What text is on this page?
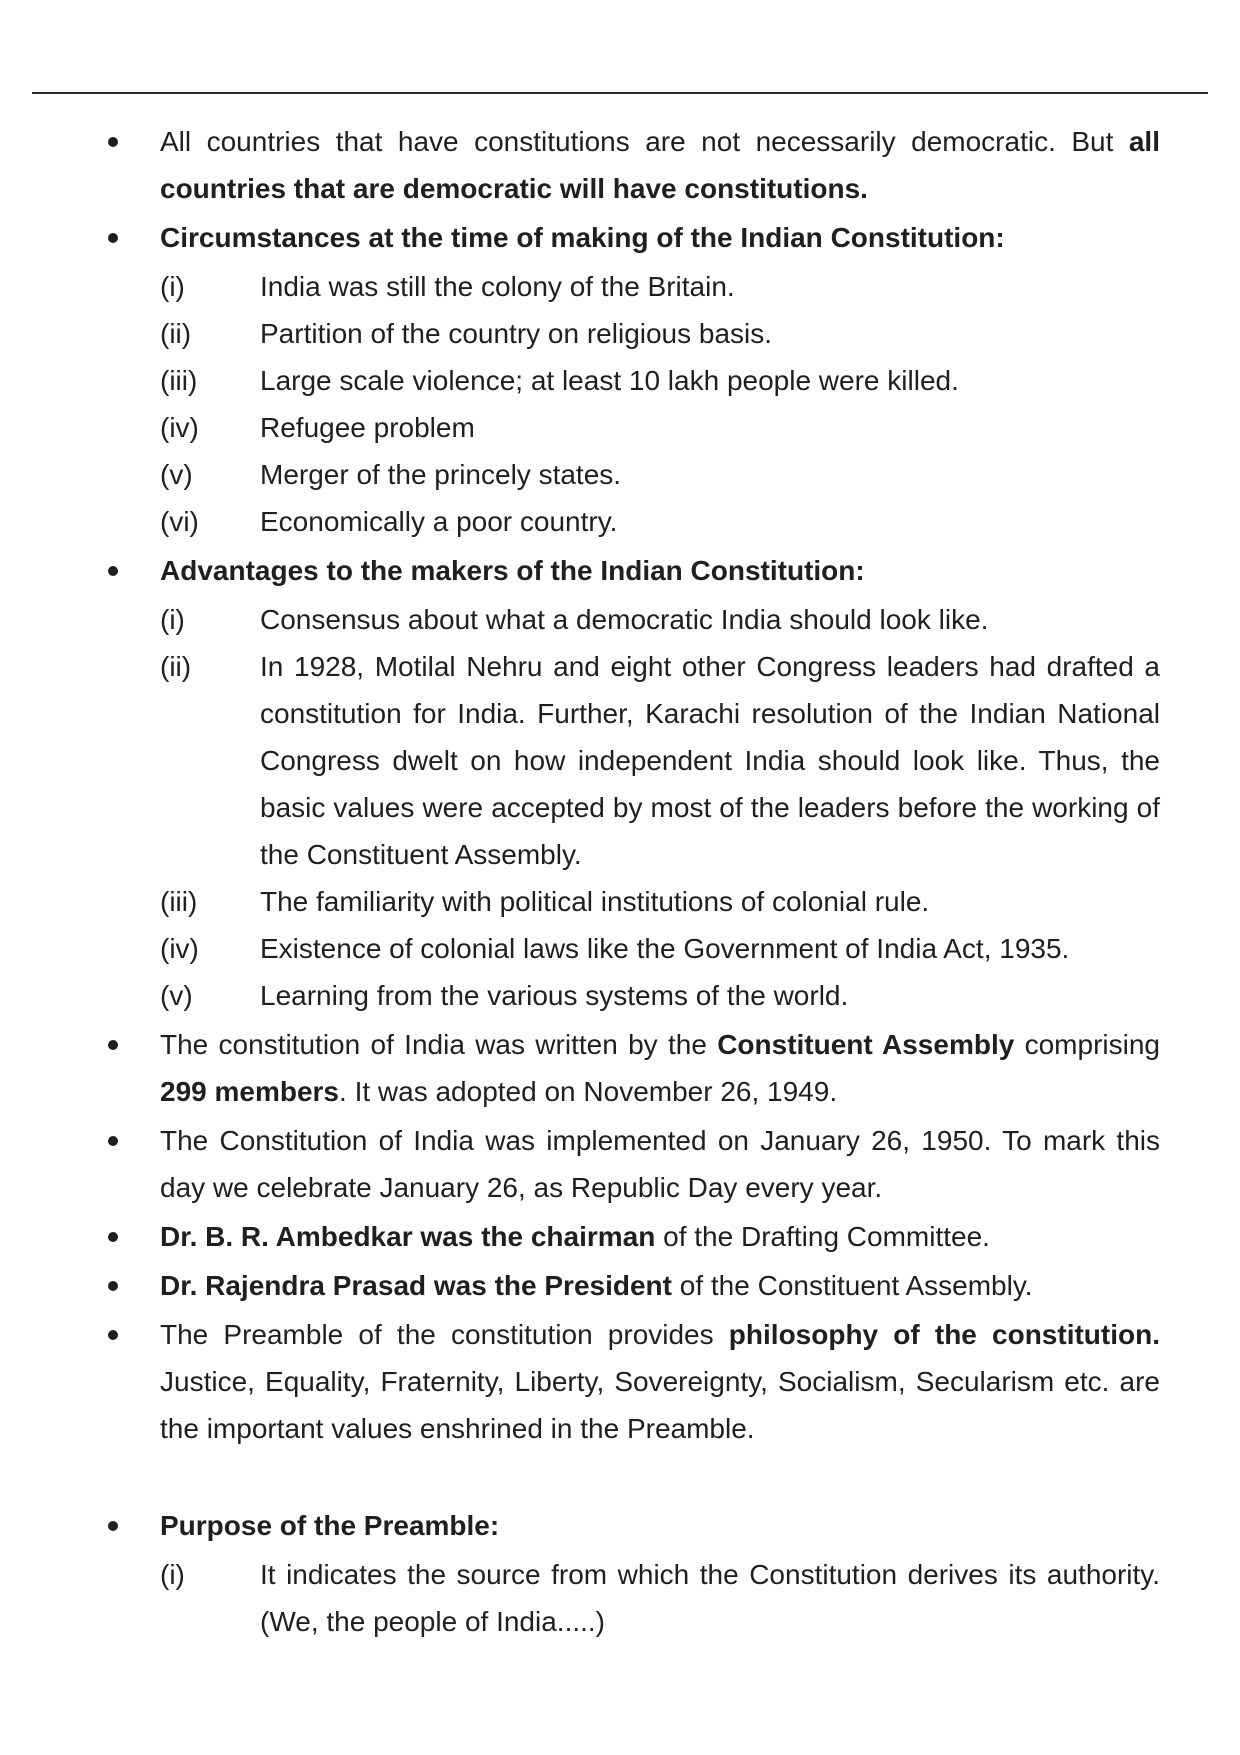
All countries that have constitutions are not necessarily democratic. But all countries that are democratic will have constitutions.
Circumstances at the time of making of the Indian Constitution:
(i)	India was still the colony of the Britain.
(ii) Partition of the country on religious basis.
(iii) Large scale violence; at least 10 lakh people were killed.
(iv) Refugee problem
(v) Merger of the princely states.
(vi) Economically a poor country.
Advantages to the makers of the Indian Constitution:
(i)	Consensus about what a democratic India should look like.
(ii) In 1928, Motilal Nehru and eight other Congress leaders had drafted a constitution for India. Further, Karachi resolution of the Indian National Congress dwelt on how independent India should look like. Thus, the basic values were accepted by most of the leaders before the working of the Constituent Assembly.
(iii) The familiarity with political institutions of colonial rule.
(iv) Existence of colonial laws like the Government of India Act, 1935.
(v) Learning from the various systems of the world.
The constitution of India was written by the Constituent Assembly comprising 299 members. It was adopted on November 26, 1949.
The Constitution of India was implemented on January 26, 1950. To mark this day we celebrate January 26, as Republic Day every year.
Dr. B. R. Ambedkar was the chairman of the Drafting Committee.
Dr. Rajendra Prasad was the President of the Constituent Assembly.
The Preamble of the constitution provides philosophy of the constitution. Justice, Equality, Fraternity, Liberty, Sovereignty, Socialism, Secularism etc. are the important values enshrined in the Preamble.
Purpose of the Preamble:
(i)	It indicates the source from which the Constitution derives its authority. (We, the people of India.....)
